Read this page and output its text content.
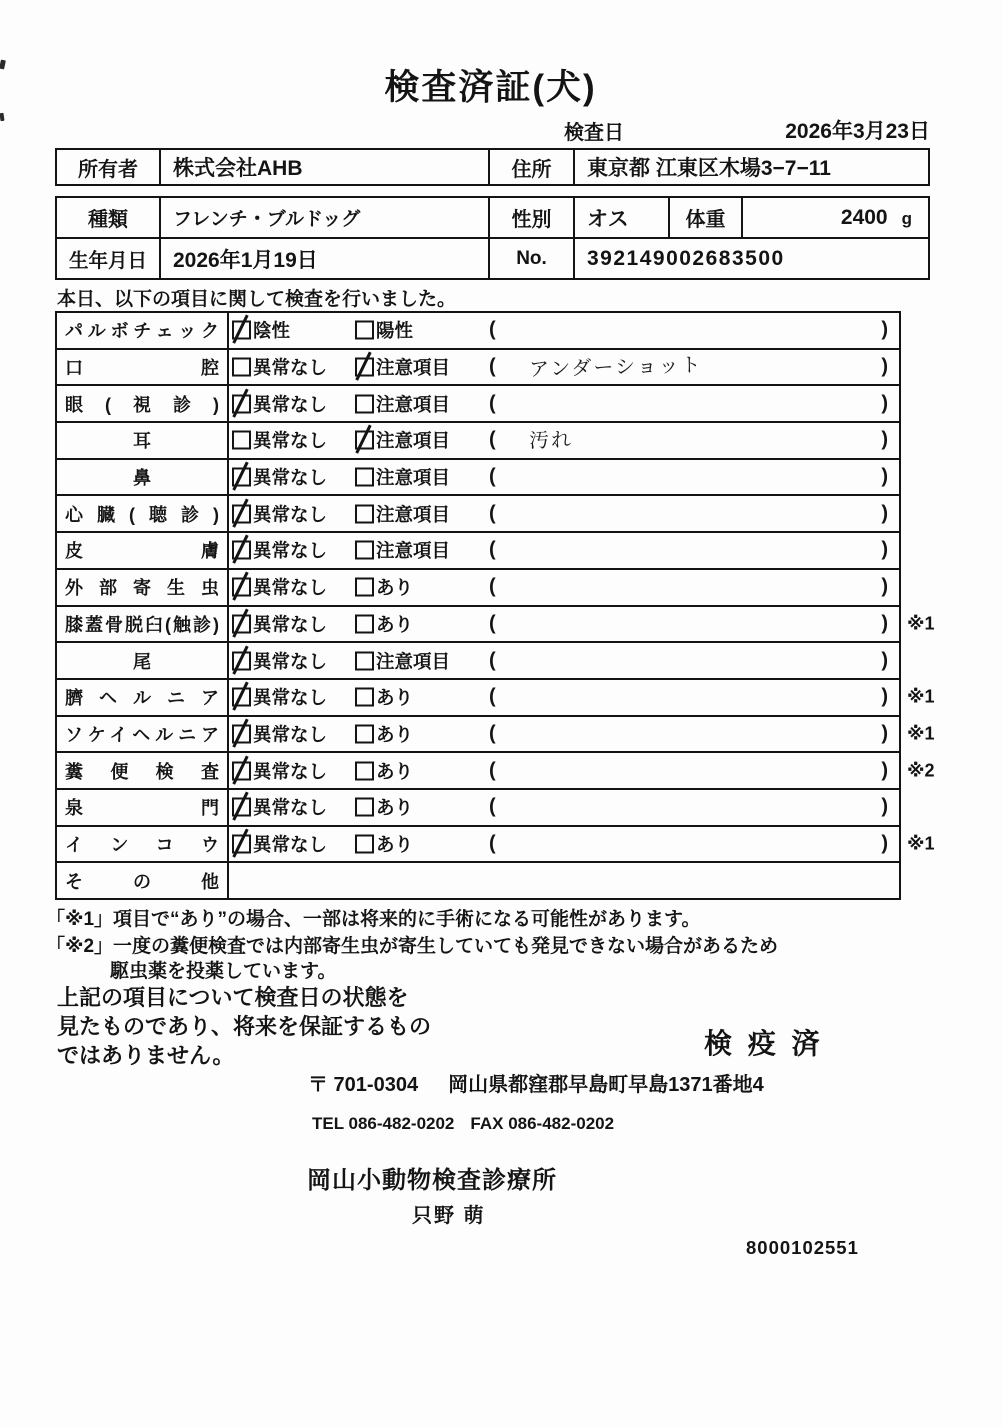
検査済証(犬)
検査日	2026年3月23日
所有者	株式会社AHB	住所	東京都 江東区木場3−7−11
種類	フレンチ・ブルドッグ	性別	オス	体重	2400 g
生年月日	2026年1月19日	No.	392149002683500
本日、以下の項目に関して検査を行いました。
パルボチェック 陰性	陽性	(	)
口腔 異常なし	注意項目 ( アンダーショット	)
眼(視診) 異常なし	注意項目 (	)
耳	異常なし	注意項目 ( 汚れ	)
鼻	異常なし	注意項目 (	)
心臓(聴診) 異常なし	注意項目 (	)
皮膚 異常なし	注意項目 (	)
外部寄生虫 異常なし	あり	(	)
膝蓋骨脱臼(触診) 異常なし	あり	(	) ※1
尾	異常なし	注意項目 (	)
臍ヘルニア 異常なし	あり	(	) ※1
ソケイヘルニア 異常なし	あり	(	) ※1
糞便検査 異常なし	あり	(	) ※2
泉門 異常なし	あり	(	)
インコウ 異常なし	あり	(	) ※1
その他
「※1」項目で“あり”の場合、一部は将来的に手術になる可能性があります。
「※2」一度の糞便検査では内部寄生虫が寄生していても発見できない場合があるため
駆虫薬を投薬しています。
上記の項目について検査日の状態を
見たものであり、将来を保証するもの
ではありません。	検 疫 済
〒 701-0304 岡山県都窪郡早島町早島1371番地4
TEL 086-482-0202 FAX 086-482-0202
岡山小動物検査診療所
只野 萌
8000102551
